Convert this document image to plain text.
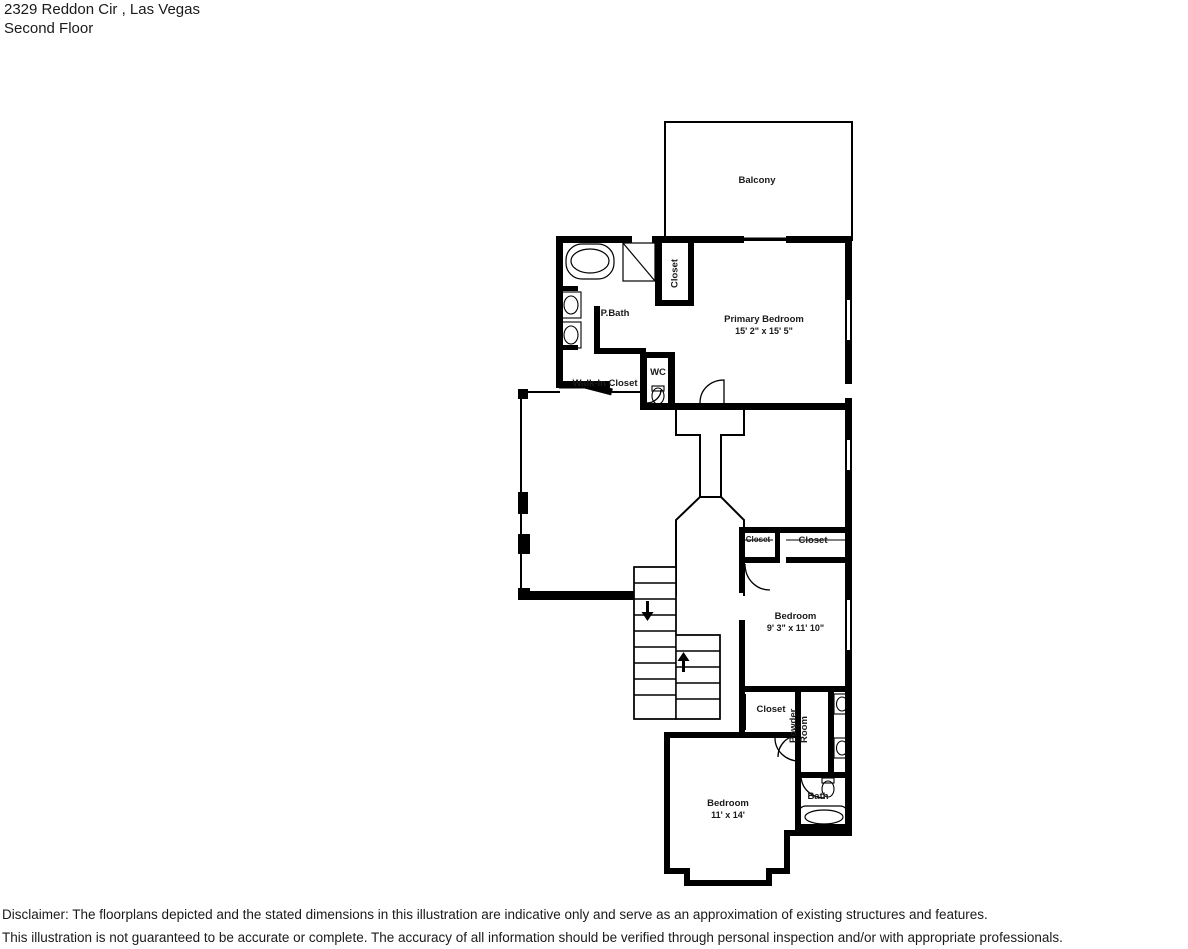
2329 Reddon Cir , Las Vegas
Second Floor
Balcony
Primary Bedroom
15' 2" x 15' 5"
P.Bath
Closet
Walk-In Closet
WC
Closet	Closet
Bedroom
9' 3" x 11' 10"
Closet Powder Room
Bath
Bedroom
11' x 14'
Disclaimer: The floorplans depicted and the stated dimensions in this illustration are indicative only and serve as an approximation of existing structures and features.
This illustration is not guaranteed to be accurate or complete. The accuracy of all information should be verified through personal inspection and/or with appropriate professionals.
